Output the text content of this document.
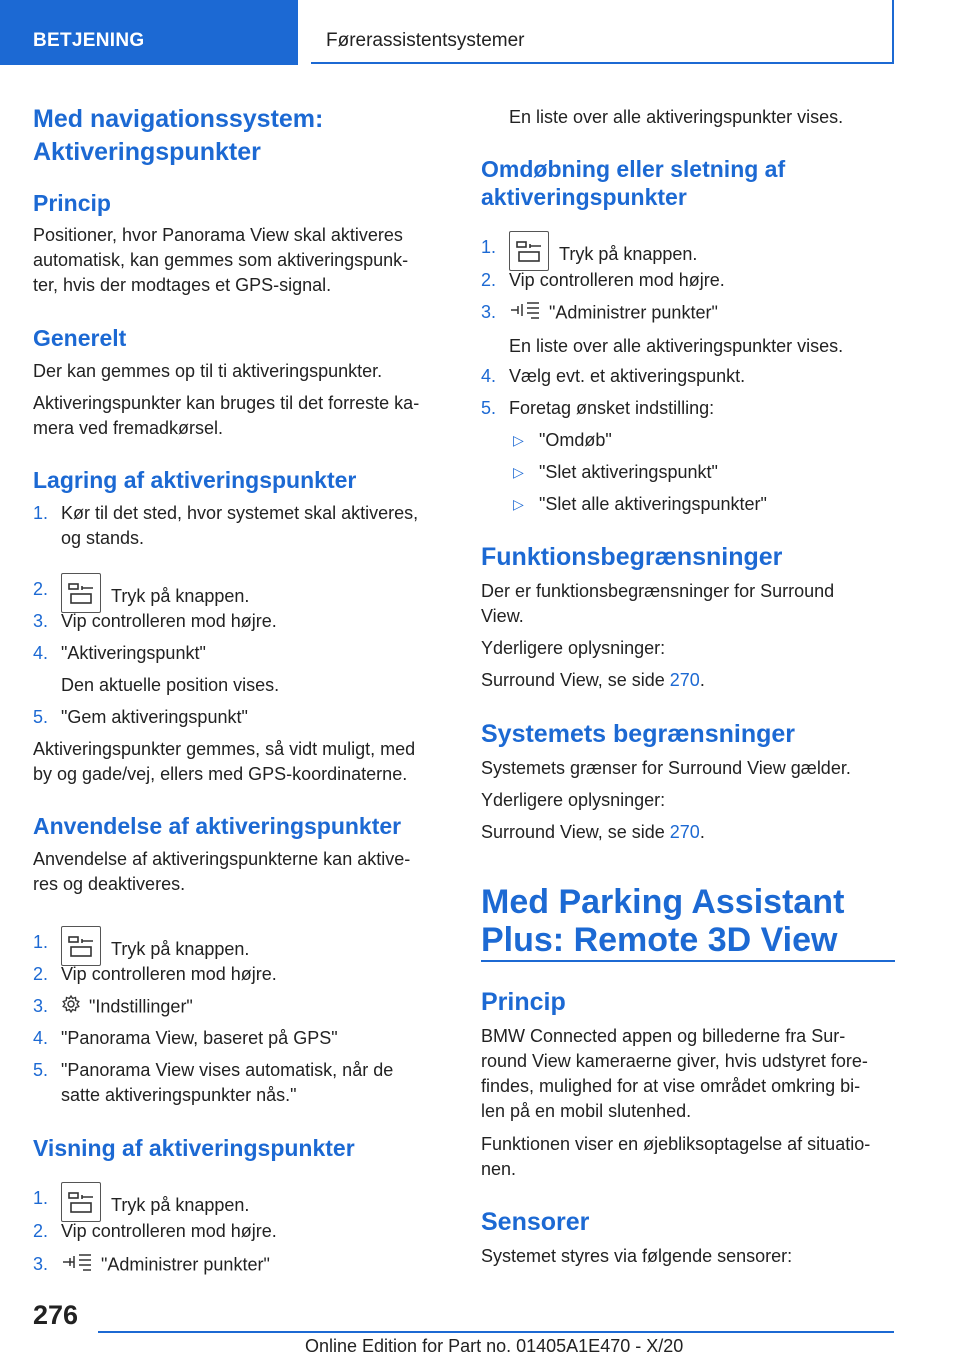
BETJENING	Førerassistentsystemer
Med navigationssystem:
Aktiveringspunkter
Princip
Positioner, hvor Panorama View skal aktiveres
automatisk, kan gemmes som aktiveringspunk-
ter, hvis der modtages et GPS-signal.
Generelt
Der kan gemmes op til ti aktiveringspunkter.
Aktiveringspunkter kan bruges til det forreste ka-
mera ved fremadkørsel.
Lagring af aktiveringspunkter
1. Kør til det sted, hvor systemet skal aktiveres,
og stands.
2.	Tryk på knappen.
3. Vip controlleren mod højre.
4. "Aktiveringspunkt"
Den aktuelle position vises.
5. "Gem aktiveringspunkt"
Aktiveringspunkter gemmes, så vidt muligt, med
by og gade/vej, ellers med GPS-koordinaterne.
Anvendelse af aktiveringspunkter
Anvendelse af aktiveringspunkterne kan aktive-
res og deaktiveres.
1.	Tryk på knappen.
2. Vip controlleren mod højre.
3.	"Indstillinger"
4. "Panorama View, baseret på GPS"
5. "Panorama View vises automatisk, når de
satte aktiveringspunkter nås."
Visning af aktiveringspunkter
1.	Tryk på knappen.
2. Vip controlleren mod højre.
3.	"Administrer punkter"
En liste over alle aktiveringspunkter vises.
Omdøbning eller sletning af
aktiveringspunkter
1.	Tryk på knappen.
2. Vip controlleren mod højre.
3.	"Administrer punkter"
En liste over alle aktiveringspunkter vises.
4. Vælg evt. et aktiveringspunkt.
5. Foretag ønsket indstilling:
▷ "Omdøb"
▷ "Slet aktiveringspunkt"
▷ "Slet alle aktiveringspunkter"
Funktionsbegrænsninger
Der er funktionsbegrænsninger for Surround
View.
Yderligere oplysninger:
Surround View, se side 270.
Systemets begrænsninger
Systemets grænser for Surround View gælder.
Yderligere oplysninger:
Surround View, se side 270.
Med Parking Assistant
Plus: Remote 3D View
Princip
BMW Connected appen og billederne fra Sur-
round View kameraerne giver, hvis udstyret fore-
findes, mulighed for at vise området omkring bi-
len på en mobil slutenhed.
Funktionen viser en øjebliksoptagelse af situatio-
nen.
Sensorer
Systemet styres via følgende sensorer:
276
Online Edition for Part no. 01405A1E470 - X/20
